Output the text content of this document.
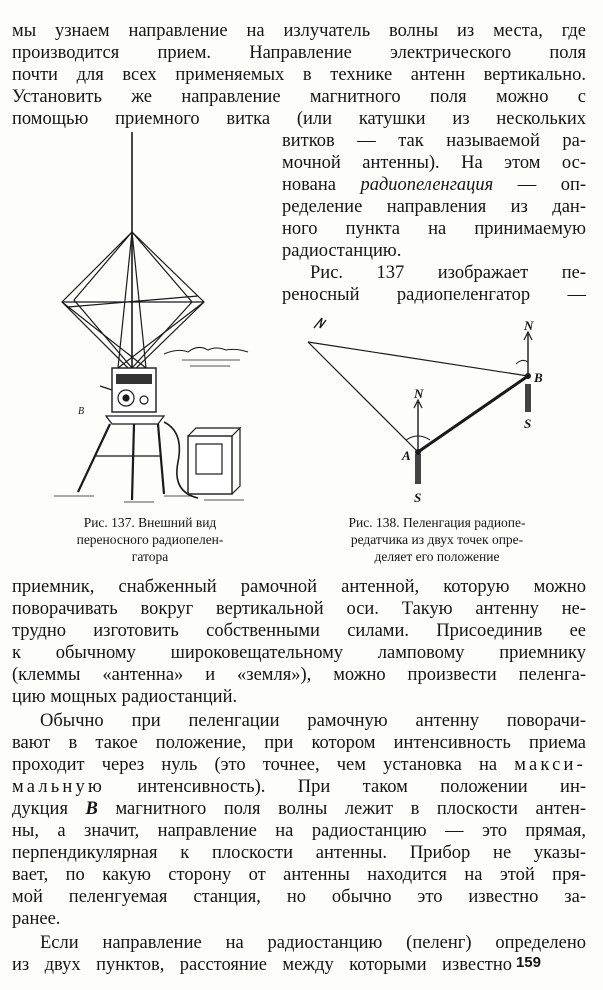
мы узнаем направление на излучатель волны из места, где
производится прием. Направление электрического поля
почти для всех применяемых в технике антенн вертикально.
Установить же направление магнитного поля можно с
помощью приемного витка (или катушки из нескольких
витков — так называемой ра-
мочной антенны). На этом ос-
нована радиопеленгация — оп-
ределение направления из дан-
ного пункта на принимаемую
радиостанцию.
Рис. 137 изображает пе-
реносный радиопеленгатор —
B
N
S
A
N
B
S
Рис. 137. Внешний вид
переносного радиопелен-
гатора
Рис. 138. Пеленгация радиопе-
редатчика из двух точек опре-
деляет его положение
приемник, снабженный рамочной антенной, которую можно
поворачивать вокруг вертикальной оси. Такую антенну не-
трудно изготовить собственными силами. Присоединив ее
к обычному широковещательному ламповому приемнику
(клеммы «антенна» и «земля»), можно произвести пеленга-
цию мощных радиостанций.
Обычно при пеленгации рамочную антенну поворачи-
вают в такое положение, при котором интенсивность приема
проходит через нуль (это точнее, чем установка на макси-
мальную интенсивность). При таком положении ин-
дукция B магнитного поля волны лежит в плоскости антен-
ны, а значит, направление на радиостанцию — это прямая,
перпендикулярная к плоскости антенны. Прибор не указы-
вает, по какую сторону от антенны находится на этой пря-
мой пеленгуемая станция, но обычно это известно за-
ранее.
Если направление на радиостанцию (пеленг) определено
из двух пунктов, расстояние между которыми известно 159
